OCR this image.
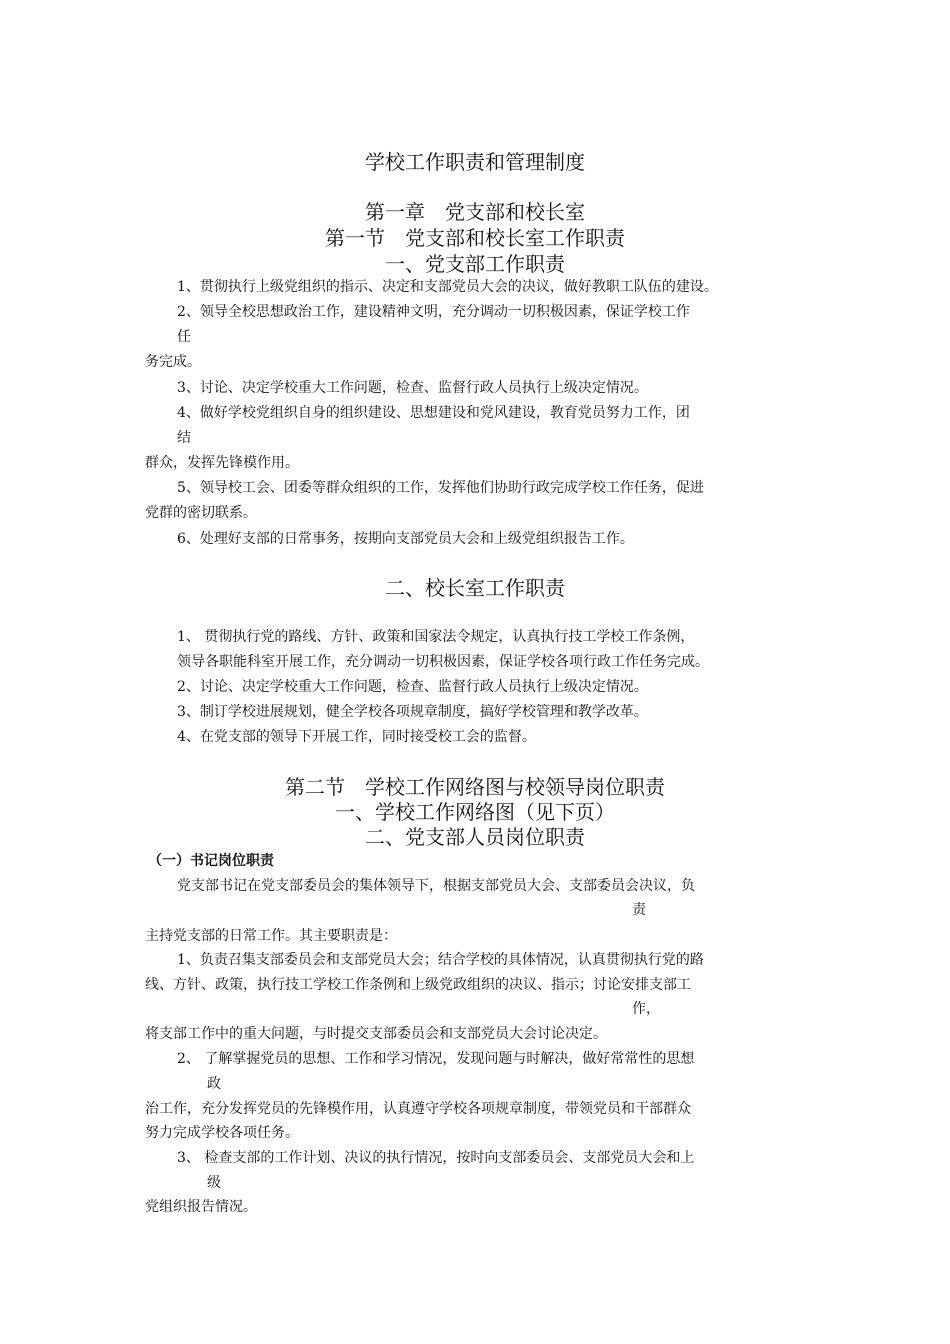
学校工作职责和管理制度
第一章　党支部和校长室
第一节　党支部和校长室工作职责
一、党支部工作职责
1、贯彻执行上级党组织的指示、决定和支部党员大会的决议，做好教职工队伍的建设。
2、领导全校思想政治工作，建设精神文明，充分调动一切积极因素，保证学校工作
任
务完成。
3、讨论、决定学校重大工作问题，检查、监督行政人员执行上级决定情况。
4、做好学校党组织自身的组织建设、思想建设和党风建设，教育党员努力工作，团
结
群众，发挥先锋模作用。
5、领导校工会、团委等群众组织的工作，发挥他们协助行政完成学校工作任务，促进
党群的密切联系。
6、处理好支部的日常事务，按期向支部党员大会和上级党组织报告工作。
二、校长室工作职责
1、 贯彻执行党的路线、方针、政策和国家法令规定，认真执行技工学校工作条例，
领导各职能科室开展工作，充分调动一切积极因素，保证学校各项行政工作任务完成。
2、讨论、决定学校重大工作问题，检查、监督行政人员执行上级决定情况。
3、制订学校进展规划，健全学校各项规章制度，搞好学校管理和教学改革。
4、在党支部的领导下开展工作，同时接受校工会的监督。
第二节　学校工作网络图与校领导岗位职责
一、学校工作网络图（见下页）
二、党支部人员岗位职责
（一）书记岗位职责
党支部书记在党支部委员会的集体领导下，根据支部党员大会、支部委员会决议，负
责
主持党支部的日常工作。其主要职责是：
1、负责召集支部委员会和支部党员大会；结合学校的具体情况，认真贯彻执行党的路
线、方针、政策，执行技工学校工作条例和上级党政组织的决议、指示；讨论安排支部工
作，
将支部工作中的重大问题，与时提交支部委员会和支部党员大会讨论决定。
2、 了解掌握党员的思想、工作和学习情况，发现问题与时解决，做好常常性的思想
政
治工作，充分发挥党员的先锋模作用，认真遵守学校各项规章制度，带领党员和干部群众
努力完成学校各项任务。
3、 检查支部的工作计划、决议的执行情况，按时向支部委员会、支部党员大会和上
级
党组织报告情况。
